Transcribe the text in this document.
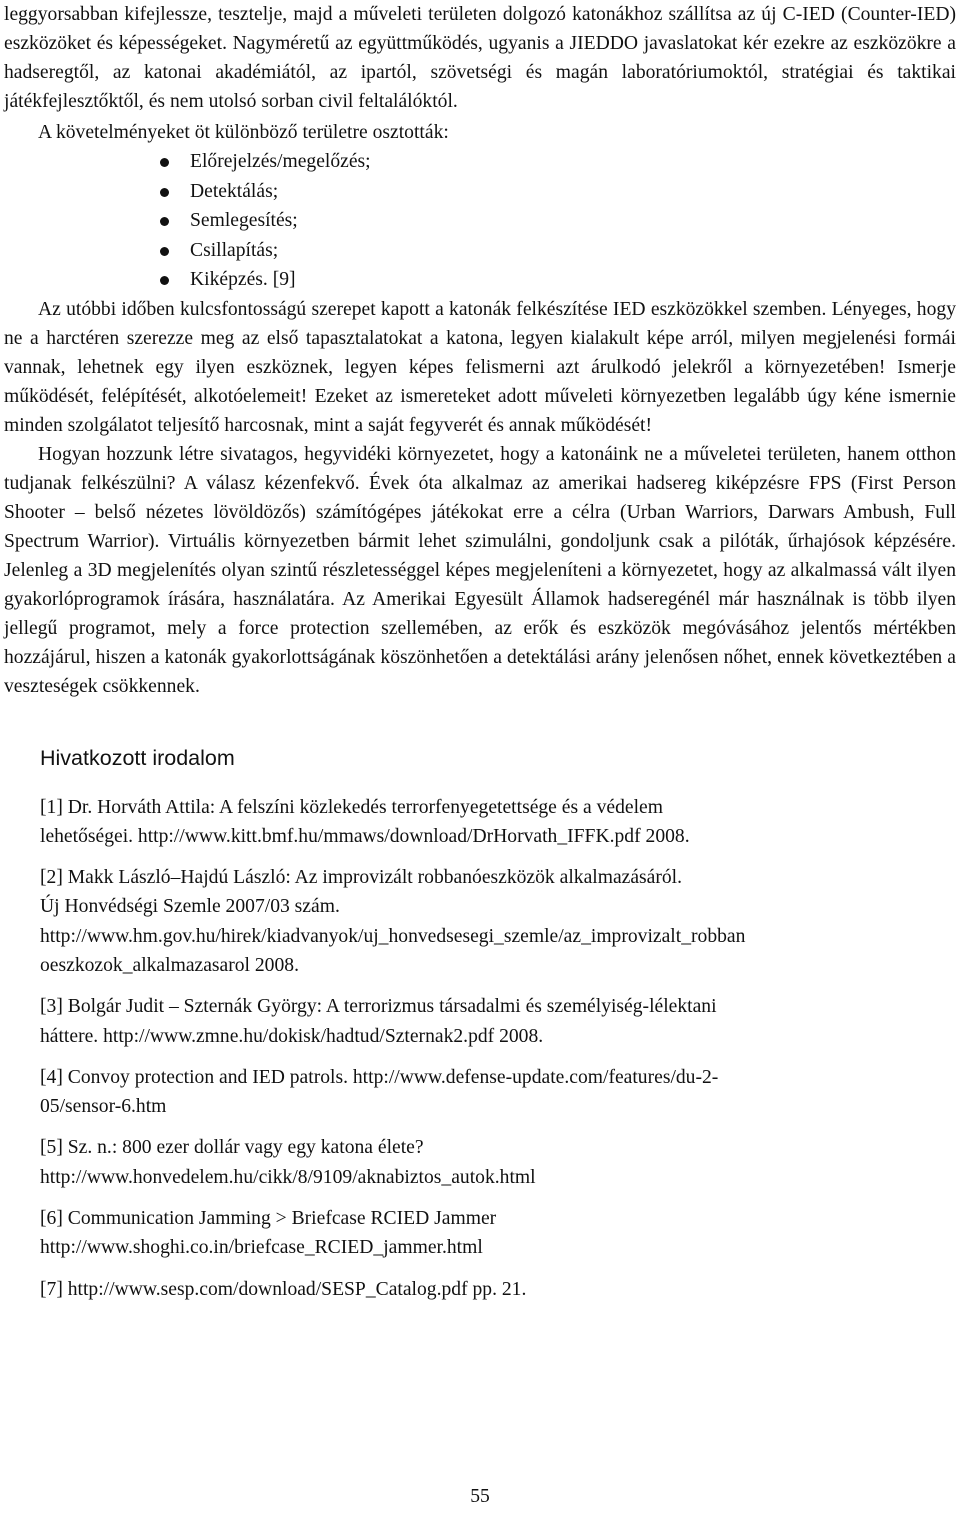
leggyorsabban kifejlessze, tesztelje, majd a műveleti területen dolgozó katonákhoz szállítsa az új C-IED (Counter-IED) eszközöket és képességeket. Nagyméretű az együttműködés, ugyanis a JIEDDO javaslatokat kér ezekre az eszközökre a hadseregtől, az katonai akadémiától, az ipartól, szövetségi és magán laboratóriumoktól, stratégiai és taktikai játékfejlesztőktől, és nem utolsó sorban civil feltalálóktól.

A követelményeket öt különböző területre osztották:

Előrejelzés/megelőzés;
Detektálás;
Semlegesítés;
Csillapítás;
Kiképzés. [9]

Az utóbbi időben kulcsfontosságú szerepet kapott a katonák felkészítése IED eszközökkel szemben. Lényeges, hogy ne a harctéren szerezze meg az első tapasztalatokat a katona, legyen kialakult képe arról, milyen megjelenési formái vannak, lehetnek egy ilyen eszköznek, legyen képes felismerni azt árulkodó jelekről a környezetében! Ismerje működését, felépítését, alkotóelemeit! Ezeket az ismereteket adott műveleti környezetben legalább úgy kéne ismernie minden szolgálatot teljesítő harcosnak, mint a saját fegyverét és annak működését!

Hogyan hozzunk létre sivatagos, hegyvidéki környezetet, hogy a katonáink ne a műveletei területen, hanem otthon tudjanak felkészülni? A válasz kézenfekvő. Évek óta alkalmaz az amerikai hadsereg kiképzésre FPS (First Person Shooter – belső nézetes lövöldözős) számítógépes játékokat erre a célra (Urban Warriors, Darwars Ambush, Full Spectrum Warrior). Virtuális környezetben bármit lehet szimulálni, gondoljunk csak a pilóták, űrhajósok képzésére. Jelenleg a 3D megjelenítés olyan szintű részletességgel képes megjeleníteni a környezetet, hogy az alkalmassá vált ilyen gyakorlóprogramok írására, használatára. Az Amerikai Egyesült Államok hadseregénél már használnak is több ilyen jellegű programot, mely a force protection szellemében, az erők és eszközök megóvásához jelentős mértékben hozzájárul, hiszen a katonák gyakorlottságának köszönhetően a detektálási arány jelenősen nőhet, ennek következtében a veszteségek csökkennek.

Hivatkozott irodalom
[1] Dr. Horváth Attila: A felszíni közlekedés terrorfenyegetettsége és a védelem
lehetőségei. http://www.kitt.bmf.hu/mmaws/download/DrHorvath_IFFK.pdf 2008.
[2] Makk László–Hajdú László: Az improvizált robbanóeszközök alkalmazásáról.
Új Honvédségi Szemle 2007/03 szám.
http://www.hm.gov.hu/hirek/kiadvanyok/uj_honvedsesegi_szemle/az_improvizalt_robban
oeszkozok_alkalmazasarol 2008.
[3] Bolgár Judit – Szternák György: A terrorizmus társadalmi és személyiség-lélektani
háttere. http://www.zmne.hu/dokisk/hadtud/Szternak2.pdf 2008.
[4] Convoy protection and IED patrols. http://www.defense-update.com/features/du-2-
05/sensor-6.htm
[5] Sz. n.: 800 ezer dollár vagy egy katona élete?
http://www.honvedelem.hu/cikk/8/9109/aknabiztos_autok.html
[6] Communication Jamming > Briefcase RCIED Jammer
http://www.shoghi.co.in/briefcase_RCIED_jammer.html
[7] http://www.sesp.com/download/SESP_Catalog.pdf pp. 21.
55
